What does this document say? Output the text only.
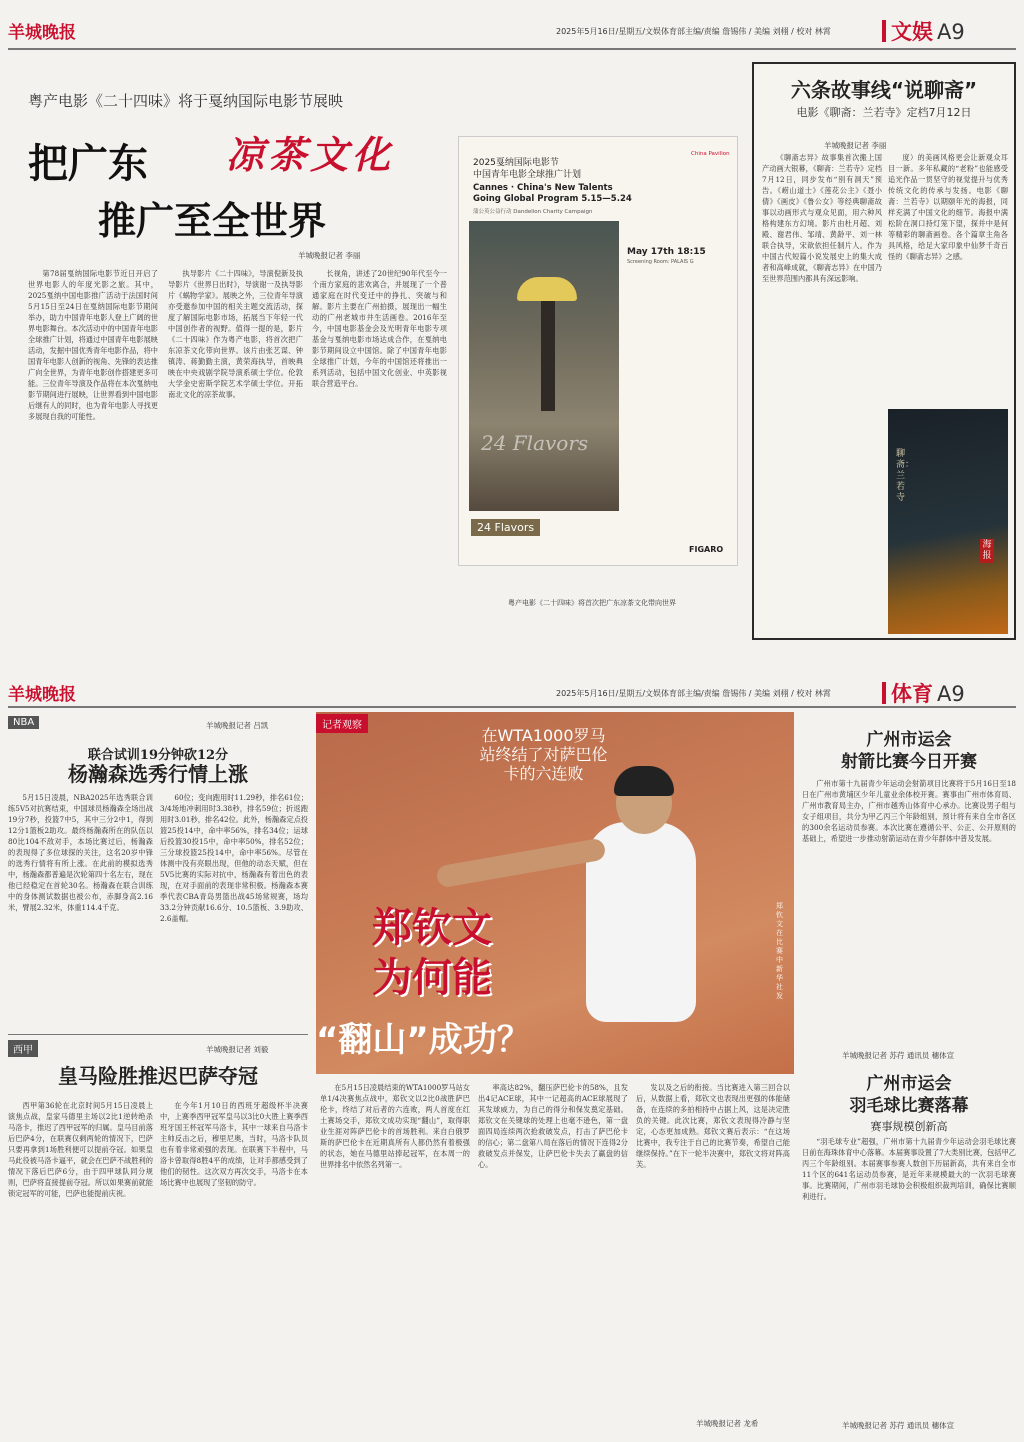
羊城晚报	2025年5月16日/星期五/文娱体育部主编/责编 詹锡伟 / 美编 刘栩 / 校对 林霄	文娱 A9
粤产电影《二十四味》将于戛纳国际电影节展映
把广东 凉茶文化
推广至全世界
羊城晚报记者 李丽

第78届戛纳国际电影节近日开启了世界电影人的年度光影之旅。其中，2025戛纳中国电影推广活动于法国时间5月15日至24日在戛纳国际电影节期间举办，助力中国青年电影人登上广阔的世界电影舞台。本次活动中的中国青年电影全球推广计划，将通过中国青年电影展映活动，发掘中国优秀青年电影作品，将中国青年电影人创新的视角、先锋的表达推广向全世界，为青年电影创作搭建更多可能。三位青年导演及作品将在本次戛纳电影节期间进行展映，让世界看到中国电影后继有人的同时，也为青年电影人寻找更多展现自我的可能性。

执导影片《二十四味》，导演倪新及执导影片《世界日出时》，导演谢一及执导影片《蜗物学家》。展映之外，三位青年导演亦受邀参加中国的相关主题交流活动，探度了解国际电影市场，拓展当下年轻一代中国创作者的视野。值得一提的是，影片《二十四味》作为粤产电影，将首次把广东凉茶文化带向世界。该片由张艺谋、钟镇涛、蒋勤勤主演，黄荣海执导，首映典映在中央戏剧学院导演系硕士学位。伦敦大学金史密斯学院艺术学硕士学位。开拓南北文化的凉茶故事。

长视角，讲述了20世纪90年代至今一个南方家庭的悲欢离合，并展现了一个普通家庭在时代变迁中的挣扎、突破与和解。影片主要在广州拍摄，展现出一幅生动的广州老城市井生活画卷。2016年至今，中国电影基金会及光明青年电影专项基金与戛纳电影市场达成合作，在戛纳电影节期间设立中国馆。除了中国青年电影全球推广计划，今年的中国馆还将推出一系列活动，包括中国文化创业、中英影视联合营造平台。

2025戛纳国际电影节
中国青年电影全球推广计划
Cannes · China's New Talents
Going Global Program 5.15—5.24
蒲公英公益行动 Dandelion Charity Campaign
China Pavilion
24 Flavors
May 17th 18:15
Screening Room: PALAIS G
24 Flavors
FIGARO
粤产电影《二十四味》将首次把广东凉茶文化带向世界
六条故事线“说聊斋”
电影《聊斋：兰若寺》定档7月12日
羊城晚报记者 李丽

《聊斋志异》故事集首次搬上国产动画大银幕，《聊斋：兰若寺》定档7月12日，同步发布“别有洞天”预告。《崂山道士》《莲花公主》《聂小倩》《画皮》《鲁公女》等经典聊斋故事以动画形式与观众见面，用六种风格构建东方幻境。影片由杜月超、刘殿、谢君伟、邹靖、黄龄平、刘一林联合执导，宋歆依担任制片人。作为中国古代短篇小说发展史上的集大成者和高峰成就，《聊斋志异》在中国乃至世界范围内都具有深远影响。

度）的美画风格更会让新观众耳目一新。多年私藏的“老粉”也能感受追光作品一贯坚守的视觉提升与优秀传统文化的传承与发扬。电影《聊斋：兰若寺》以期颐年光的海报，同样充满了中国文化的细节。海报中满松阶在洞口持灯笼下望，探并中是何等精彩的聊斋画卷。各个篇章主角各具风格，给足大家印象中仙梦千奇百怪的《聊斋志异》之感。

聊斋：兰若寺
海报
羊城晚报	2025年5月16日/星期五/文娱体育部主编/责编 詹锡伟 / 美编 刘栩 / 校对 林霄	体育 A9
NBA	羊城晚报记者 吕凯
联合试训19分钟砍12分
杨瀚森选秀行情上涨

5月15日凌晨，NBA2025年选秀联合训练5V5对抗赛结束，中国球员杨瀚森全场出战19分7秒，投篮7中5，其中三分2中1，得到12分1篮板2助攻。最终杨瀚森所在的队伍以80比104不敌对手，本场比赛过后，杨瀚森的表现得了多位球探的关注，这名20岁中锋的选秀行情将有所上涨。在此前的模拟选秀中，杨瀚森都普遍是次轮第四十名左右，现在他已经稳定在首轮30名。杨瀚森在联合训练中的身体测试数据也被公布，赤脚身高2.16米，臂展2.32米，体重114.4千克。

60位；变向跑用时11.29秒，排名61位；3/4场地冲刺用时3.38秒，排名59位；折返跑用时3.01秒，排名42位。此外，杨瀚森定点投篮25投14中，命中率56%，排名34位；运球后投篮30投15中，命中率50%，排名52位；三分球投篮25投14中，命中率56%。尽管在体测中没有亮眼出现，但他的动态天赋，但在5V5比赛的实际对抗中，杨瀚森有着出色的表现，在对手面前的表现非常积极。杨瀚森本赛季代表CBA青岛男篮出战45场常规赛，场均33.2分钟贡献16.6分、10.5篮板、3.9助攻、2.6盖帽。

西甲	羊城晚报记者 刘毅
皇马险胜推迟巴萨夺冠

西甲第36轮在北京时间5月15日凌晨上演焦点战，皇家马德里主场以2比1逆转绝杀马洛卡，推迟了西甲冠军的归属。皇马目前落后巴萨4分，在联赛仅剩两轮的情况下，巴萨只要再拿到1场胜利便可以提前夺冠。如果皇马此役被马洛卡逼平，就会在巴萨不战胜利的情况下落后巴萨6分，由于四甲球队同分规则，巴萨将直接提前夺冠。所以如果赛前就能锁定冠军的可能，巴萨也能提前庆祝。

在今年1月10日的西班牙超级杯半决赛中，上赛季西甲冠军皇马以3比0大胜上赛季西班牙国王杯冠军马洛卡，其中一球来自马洛卡主帅反击之后，穆里尼奥，当时，马洛卡队员也有着非常顽强的表现。在联赛下半程中，马洛卡曾取得8胜4平的成绩，让对手都感受到了他们的韧性。这次双方再次交手，马洛卡在本场比赛中也展现了坚韧的防守。

记者观察
在WTA1000罗马站终结了对萨巴伦卡的六连败
郑钦文
为何能
“翻山”成功？
郑钦文在比赛中 新华社发

在5月15日凌晨结束的WTA1000罗马站女单1/4决赛焦点战中，郑钦文以2比0战胜萨巴伦卡，终结了对后者的六连败，两人首度在红土赛场交手，郑钦文成功实现“翻山”，取得职业生涯对阵萨巴伦卡的首场胜利。来自白俄罗斯的萨巴伦卡在近期真所有人都仍然有着极强的状态，她在马德里站捧起冠军，在本周一的世界排名中依然名列第一。

率高达82%，翻压萨巴伦卡的58%，且发出4记ACE球，其中一记超高的ACE球展现了其发球威力，为自己的得分和保发奠定基础。郑钦文在关键球的处理上也毫不逊色，第一盘面四局连续两次抢救破发点，打击了萨巴伦卡的信心；第二盘第八局在落后的情况下连得2分救破发点并保发，让萨巴伦卡失去了赢盘的信心。

发以及之后的衔接。当比赛进入第三回合以后，从数据上看，郑钦文也表现出更强的体能储备，在连续的多拍相持中占据上风，这是决定胜负的关键。此次比赛，郑钦文表现得冷静与坚定，心态更加成熟。郑钦文赛后表示：“在这场比赛中，我专注于自己的比赛节奏，希望自己能继续保持。”在下一轮半决赛中，郑钦文将对阵高芙。

羊城晚报记者 龙希
广州市运会
射箭比赛今日开赛

广州市第十九届青少年运动会射箭项目比赛将于5月16日至18日在广州市黄埔区少年儿童业余体校开赛。赛事由广州市体育局、广州市教育局主办，广州市越秀山体育中心承办。比赛设男子组与女子组项目，共分为甲乙丙三个年龄组别，预计将有来自全市各区的300余名运动员参赛。本次比赛在遵循公平、公正、公开原则的基础上，希望进一步推动射箭运动在青少年群体中普及发展。

羊城晚报记者 苏荇 通讯员 穗体宣
广州市运会
羽毛球比赛落幕
赛事规模创新高

“羽毛球专业”超强，广州市第十九届青少年运动会羽毛球比赛日前在海珠体育中心落幕。本届赛事设置了7大类别比赛，包括甲乙丙三个年龄组别。本届赛事参赛人数创下历届新高，共有来自全市11个区的641名运动员参赛，是近年来规模最大的一次羽毛球赛事。比赛期间，广州市羽毛球协会积极组织裁判培训，确保比赛顺利进行。

羊城晚报记者 苏荇 通讯员 穗体宣
